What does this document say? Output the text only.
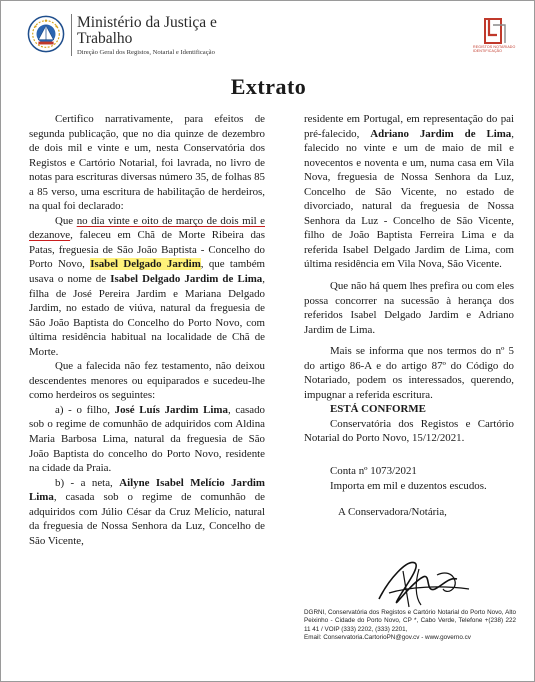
Ministério da Justiça e
Trabalho
Direção Geral dos Registos, Notarial e Identificação
REGISTOS NOTARIADO IDENTIFICAÇÃO
Extrato

Certifico narrativamente, para efeitos de segunda publicação, que no dia quinze de dezembro de dois mil e vinte e um, nesta Conservatória dos Registos e Cartório Notarial, foi lavrada, no livro de notas para escrituras diversas número 35, de folhas 85 a 85 verso, uma escritura de habilitação de herdeiros, na qual foi declarado:

Que no dia vinte e oito de março de dois mil e dezanove, faleceu em Chã de Morte Ribeira das Patas, freguesia de São João Baptista - Concelho do Porto Novo, Isabel Delgado Jardim, que também usava o nome de Isabel Delgado Jardim de Lima, filha de José Pereira Jardim e Mariana Delgado Jardim, no estado de viúva, natural da freguesia de São João Baptista do Concelho do Porto Novo, com última residência habitual na localidade de Chã de Morte.

Que a falecida não fez testamento, não deixou descendentes menores ou equiparados e sucedeu-lhe como herdeiros os seguintes:

a) - o filho, José Luís Jardim Lima, casado sob o regime de comunhão de adquiridos com Aldina Maria Barbosa Lima, natural da freguesia de São João Baptista do concelho do Porto Novo, residente na cidade da Praia.

b) - a neta, Ailyne Isabel Melício Jardim Lima, casada sob o regime de comunhão de adquiridos com Júlio César da Cruz Melício, natural da freguesia de Nossa Senhora da Luz, Concelho de São Vicente,

residente em Portugal, em representação do pai pré-falecido, Adriano Jardim de Lima, falecido no vinte e um de maio de mil e novecentos e noventa e um, numa casa em Vila Nova, freguesia de Nossa Senhora da Luz, Concelho de São Vicente, no estado de divorciado, natural da freguesia de Nossa Senhora da Luz - Concelho de São Vicente, filho de João Baptista Ferreira Lima e da referida Isabel Delgado Jardim de Lima, com última residência em Vila Nova, São Vicente.

Que não há quem lhes prefira ou com eles possa concorrer na sucessão à herança dos referidos Isabel Delgado Jardim e Adriano Jardim de Lima.

Mais se informa que nos termos do nº 5 do artigo 86-A e do artigo 87º do Código do Notariado, podem os interessados, querendo, impugnar a referida escritura.

ESTÁ CONFORME

Conservatória dos Registos e Cartório Notarial do Porto Novo, 15/12/2021.

Conta nº 1073/2021

Importa em mil e duzentos escudos.

A Conservadora/Notária,

DGRNI, Conservatória dos Registos e Cartório Notarial do Porto Novo, Alto Peixinho - Cidade do Porto Novo, CP *, Cabo Verde, Telefone +(238) 222 11 41 / VOIP (333) 2202, (333) 2201,
Email: Conservatoria.CartorioPN@gov.cv - www.governo.cv
